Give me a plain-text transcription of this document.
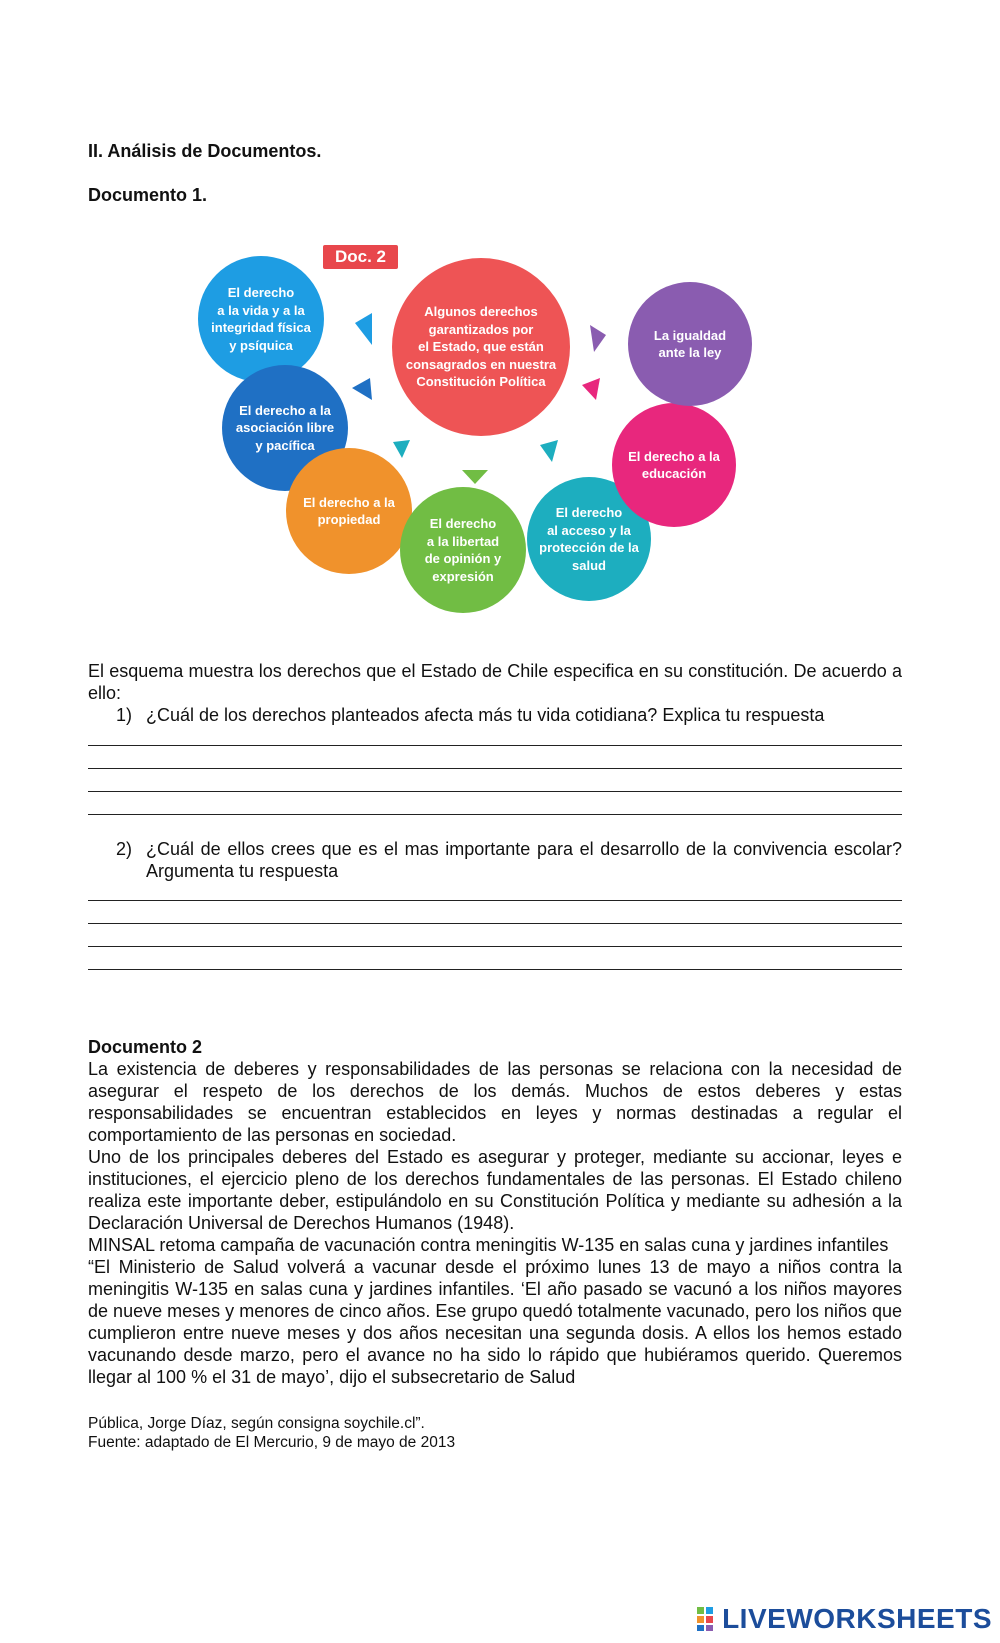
II. Análisis de Documentos.
Documento 1.
Doc. 2
Algunos derechos
garantizados por
el Estado, que están
consagrados en nuestra
Constitución Política
El derecho
a la vida y a la
integridad física
y psíquica
El derecho a la
asociación libre
y pacífica
El derecho a la
propiedad	El derecho
a la libertad
de opinión y
expresión
El derecho
al acceso y la
protección de la
salud
El derecho a la
educación
La igualdad
ante la ley
El esquema muestra los derechos que el Estado de Chile especifica en su constitución. De acuerdo a ello:
1) ¿Cuál de los derechos planteados afecta más tu vida cotidiana? Explica tu respuesta
2) ¿Cuál de ellos crees que es el mas importante para el desarrollo de la convivencia escolar?Argumenta tu respuesta
Documento 2
La existencia de deberes y responsabilidades de las personas se relaciona con la necesidad de asegurar el respeto de los derechos de los demás. Muchos de estos deberes y estas responsabilidades se encuentran establecidos en leyes y normas destinadas a regular el comportamiento de las personas en sociedad.
Uno de los principales deberes del Estado es asegurar y proteger, mediante su accionar, leyes e instituciones, el ejercicio pleno de los derechos fundamentales de las personas. El Estado chileno realiza este importante deber, estipulándolo en su Constitución Política y mediante su adhesión a la Declaración Universal de Derechos Humanos (1948).
MINSAL retoma campaña de vacunación contra meningitis W-135 en salas cuna y jardines infantiles
“El Ministerio de Salud volverá a vacunar desde el próximo lunes 13 de mayo a niños contra la meningitis W-135 en salas cuna y jardines infantiles. ‘El año pasado se vacunó a los niños mayores de nueve meses y menores de cinco años. Ese grupo quedó totalmente vacunado, pero los niños que cumplieron entre nueve meses y dos años necesitan una segunda dosis. A ellos los hemos estado vacunando desde marzo, pero el avance no ha sido lo rápido que hubiéramos querido. Queremos llegar al 100 % el 31 de mayo’, dijo el subsecretario de Salud
Pública, Jorge Díaz, según consigna soychile.cl”.
Fuente: adaptado de El Mercurio, 9 de mayo de 2013
LIVEWORKSHEETS
